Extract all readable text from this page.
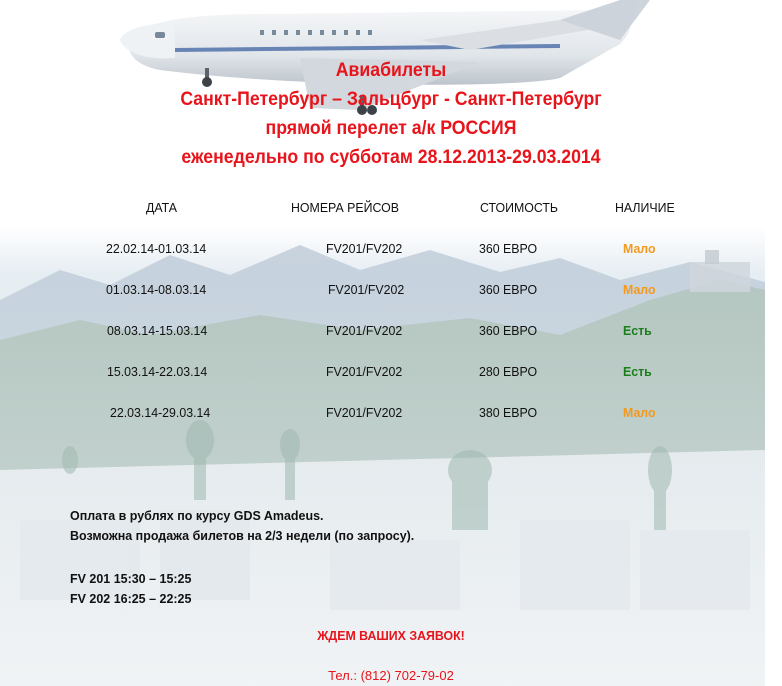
Авиабилеты
Санкт-Петербург – Зальцбург - Санкт-Петербург
прямой перелет а/к РОССИЯ
еженедельно по субботам 28.12.2013-29.03.2014
ДАТА	НОМЕРА РЕЙСОВ	СТОИМОСТЬ	НАЛИЧИЕ
22.02.14-01.03.14	FV201/FV202	360 ЕВРО	Мало
01.03.14-08.03.14	FV201/FV202	360 ЕВРО	Мало
08.03.14-15.03.14	FV201/FV202	360 ЕВРО	Есть
15.03.14-22.03.14	FV201/FV202	280 ЕВРО	Есть
22.03.14-29.03.14	FV201/FV202	380 ЕВРО	Мало
Оплата в рублях по курсу GDS Amadeus.
Возможна продажа билетов на 2/3 недели (по запросу).
FV 201 15:30 – 15:25
FV 202 16:25 – 22:25
ЖДЕМ ВАШИХ ЗАЯВОК!
Тел.: (812) 702-79-02
